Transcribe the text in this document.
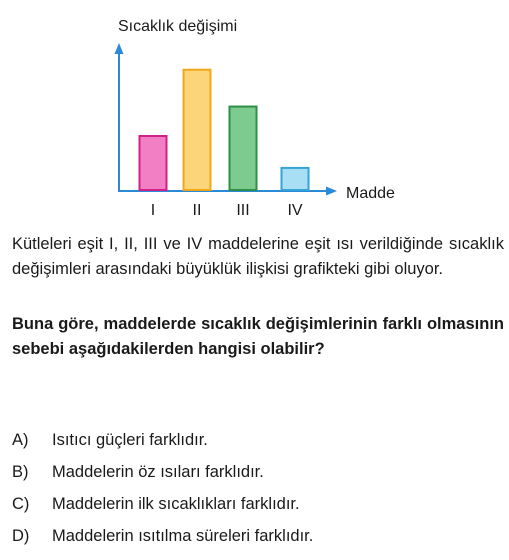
Sıcaklık değişimi
Madde
I II III IV

Kütleleri eşit I, II, III ve IV maddelerine eşit ısı verildiğinde sıcaklık değişimleri arasındaki büyüklük ilişkisi grafikteki gibi oluyor.

Buna göre, maddelerde sıcaklık değişimlerinin farklı olmasının sebebi aşağıdakilerden hangisi olabilir?

A)	Isıtıcı güçleri farklıdır.
B)	Maddelerin öz ısıları farklıdır.
C)	Maddelerin ilk sıcaklıkları farklıdır.
D)	Maddelerin ısıtılma süreleri farklıdır.
